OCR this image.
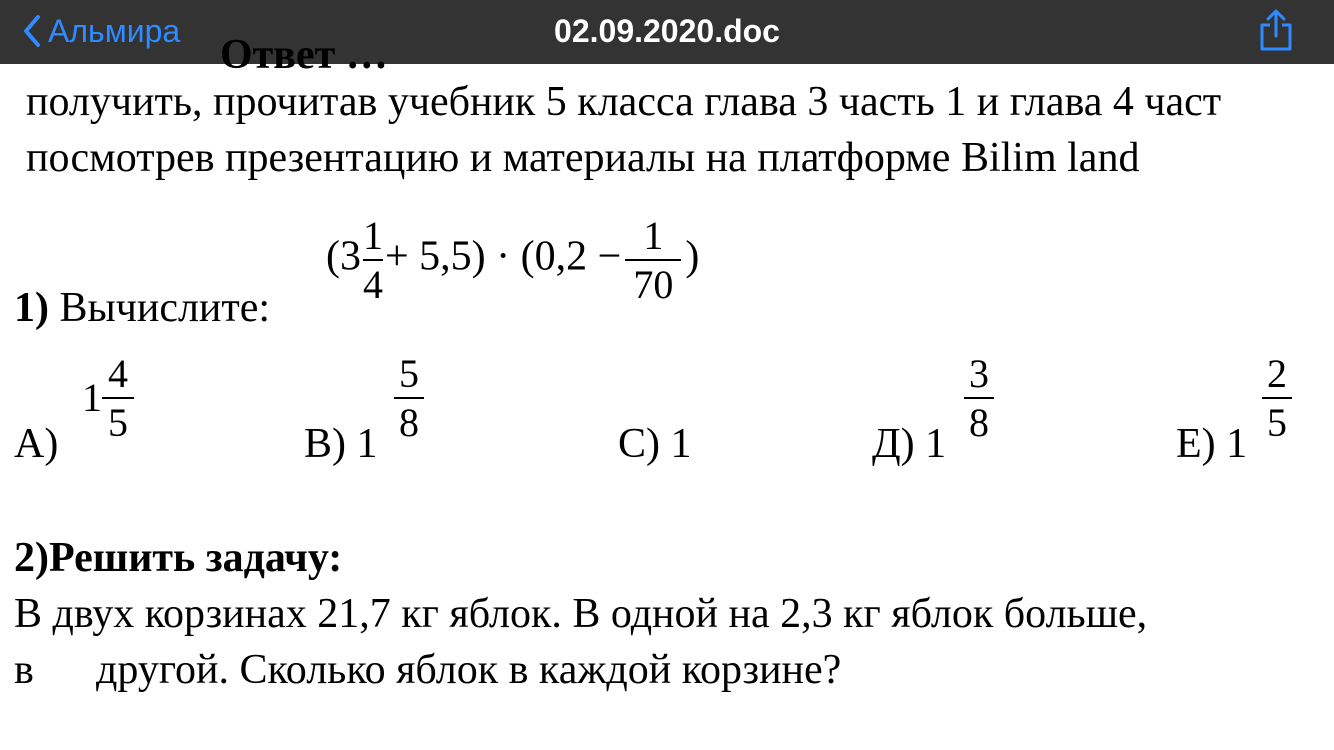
Альмира	02.09.2020.doc
Ответ …
получить, прочитав учебник 5 класса глава 3 часть 1 и глава 4 част
посмотрев презентацию и материалы на платформе Bilim land
1) Вычислите:
$(3 \frac{1}{4} + 5,5) \cdot (0,2 - \frac{1}{70}$ )
А)
1
4
5	В) 1
5
8	С) 1	Д) 1
3
8	Е) 1
2
5
2)Решить задачу:
В двух корзинах 21,7 кг яблок. В одной на 2,3 кг яблок больше,
в другой. Сколько яблок в каждой корзине?
